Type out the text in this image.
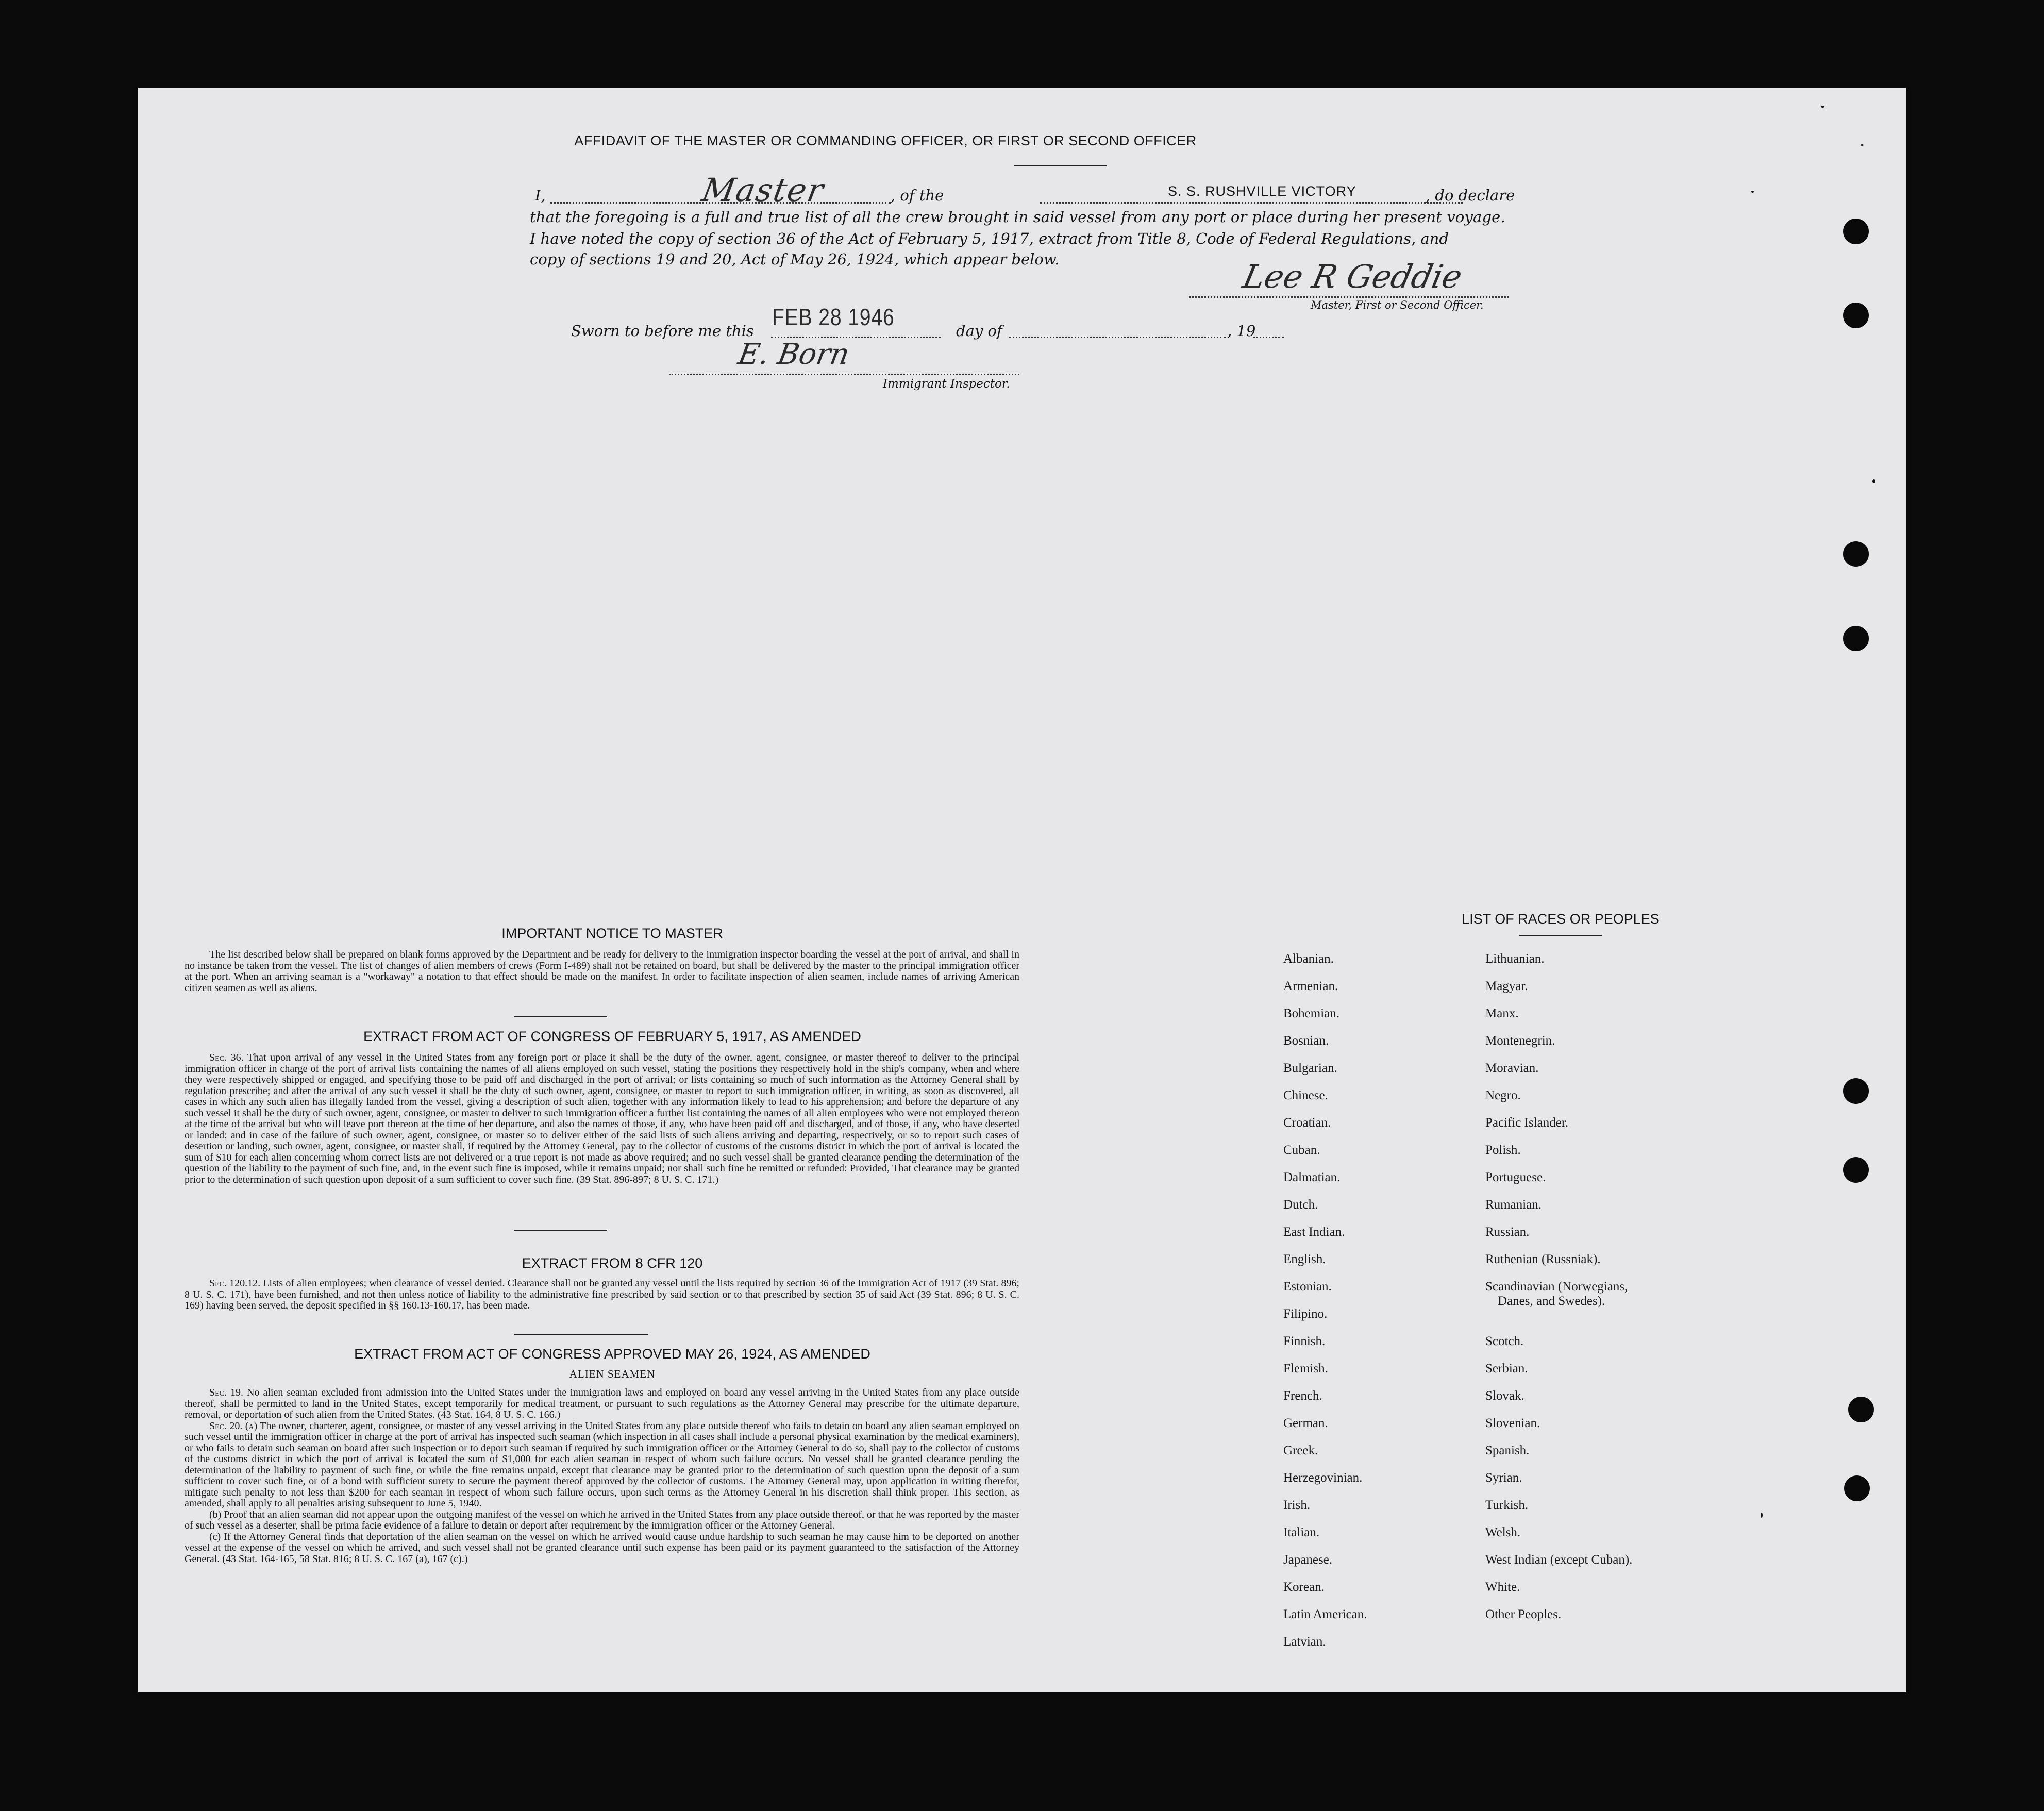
AFFIDAVIT OF THE MASTER OR COMMANDING OFFICER, OR FIRST OR SECOND OFFICER
I,	Master	, of the	S. S. RUSHVILLE VICTORY	, do declare
that the foregoing is a full and true list of all the crew brought in said vessel from any port or place during her present voyage.
I have noted the copy of section 36 of the Act of February 5, 1917, extract from Title 8, Code of Federal Regulations, and
copy of sections 19 and 20, Act of May 26, 1924, which appear below.	Lee R Geddie
Master, First or Second Officer.
Sworn to before me this
FEB 28 1946
day of	, 19
E. Born
Immigrant Inspector.
IMPORTANT NOTICE TO MASTER

The list described below shall be prepared on blank forms approved by the Department and be ready for delivery to the immigration inspector boarding the vessel at the port of arrival, and shall in no instance be taken from the vessel. The list of changes of alien members of crews (Form I-489) shall not be retained on board, but shall be delivered by the master to the principal immigration officer at the port. When an arriving seaman is a "workaway" a notation to that effect should be made on the manifest. In order to facilitate inspection of alien seamen, include names of arriving American citizen seamen as well as aliens.

EXTRACT FROM ACT OF CONGRESS OF FEBRUARY 5, 1917, AS AMENDED

Sec. 36. That upon arrival of any vessel in the United States from any foreign port or place it shall be the duty of the owner, agent, consignee, or master thereof to deliver to the principal immigration officer in charge of the port of arrival lists containing the names of all aliens employed on such vessel, stating the positions they respectively hold in the ship's company, when and where they were respectively shipped or engaged, and specifying those to be paid off and discharged in the port of arrival; or lists containing so much of such information as the Attorney General shall by regulation prescribe; and after the arrival of any such vessel it shall be the duty of such owner, agent, consignee, or master to report to such immigration officer, in writing, as soon as discovered, all cases in which any such alien has illegally landed from the vessel, giving a description of such alien, together with any information likely to lead to his apprehension; and before the departure of any such vessel it shall be the duty of such owner, agent, consignee, or master to deliver to such immigration officer a further list containing the names of all alien employees who were not employed thereon at the time of the arrival but who will leave port thereon at the time of her departure, and also the names of those, if any, who have been paid off and discharged, and of those, if any, who have deserted or landed; and in case of the failure of such owner, agent, consignee, or master so to deliver either of the said lists of such aliens arriving and departing, respectively, or so to report such cases of desertion or landing, such owner, agent, consignee, or master shall, if required by the Attorney General, pay to the collector of customs of the customs district in which the port of arrival is located the sum of $10 for each alien concerning whom correct lists are not delivered or a true report is not made as above required; and no such vessel shall be granted clearance pending the determination of the question of the liability to the payment of such fine, and, in the event such fine is imposed, while it remains unpaid; nor shall such fine be remitted or refunded: Provided, That clearance may be granted prior to the determination of such question upon deposit of a sum sufficient to cover such fine. (39 Stat. 896-897; 8 U. S. C. 171.)

EXTRACT FROM 8 CFR 120

Sec. 120.12. Lists of alien employees; when clearance of vessel denied. Clearance shall not be granted any vessel until the lists required by section 36 of the Immigration Act of 1917 (39 Stat. 896; 8 U. S. C. 171), have been furnished, and not then unless notice of liability to the administrative fine prescribed by said section or to that prescribed by section 35 of said Act (39 Stat. 896; 8 U. S. C. 169) having been served, the deposit specified in §§ 160.13-160.17, has been made.

EXTRACT FROM ACT OF CONGRESS APPROVED MAY 26, 1924, AS AMENDED
ALIEN SEAMEN

Sec. 19. No alien seaman excluded from admission into the United States under the immigration laws and employed on board any vessel arriving in the United States from any place outside thereof, shall be permitted to land in the United States, except temporarily for medical treatment, or pursuant to such regulations as the Attorney General may prescribe for the ultimate departure, removal, or deportation of such alien from the United States. (43 Stat. 164, 8 U. S. C. 166.)

Sec. 20. (a) The owner, charterer, agent, consignee, or master of any vessel arriving in the United States from any place outside thereof who fails to detain on board any alien seaman employed on such vessel until the immigration officer in charge at the port of arrival has inspected such seaman (which inspection in all cases shall include a personal physical examination by the medical examiners), or who fails to detain such seaman on board after such inspection or to deport such seaman if required by such immigration officer or the Attorney General to do so, shall pay to the collector of customs of the customs district in which the port of arrival is located the sum of $1,000 for each alien seaman in respect of whom such failure occurs. No vessel shall be granted clearance pending the determination of the liability to payment of such fine, or while the fine remains unpaid, except that clearance may be granted prior to the determination of such question upon the deposit of a sum sufficient to cover such fine, or of a bond with sufficient surety to secure the payment thereof approved by the collector of customs. The Attorney General may, upon application in writing therefor, mitigate such penalty to not less than $200 for each seaman in respect of whom such failure occurs, upon such terms as the Attorney General in his discretion shall think proper. This section, as amended, shall apply to all penalties arising subsequent to June 5, 1940.

(b) Proof that an alien seaman did not appear upon the outgoing manifest of the vessel on which he arrived in the United States from any place outside thereof, or that he was reported by the master of such vessel as a deserter, shall be prima facie evidence of a failure to detain or deport after requirement by the immigration officer or the Attorney General.

(c) If the Attorney General finds that deportation of the alien seaman on the vessel on which he arrived would cause undue hardship to such seaman he may cause him to be deported on another vessel at the expense of the vessel on which he arrived, and such vessel shall not be granted clearance until such expense has been paid or its payment guaranteed to the satisfaction of the Attorney General. (43 Stat. 164-165, 58 Stat. 816; 8 U. S. C. 167 (a), 167 (c).)

LIST OF RACES OR PEOPLES
Albanian.
Armenian.
Bohemian.
Bosnian.
Bulgarian.
Chinese.
Croatian.
Cuban.
Dalmatian.
Dutch.
East Indian.
English.
Estonian.
Filipino.
Finnish.
Flemish.
French.
German.
Greek.
Herzegovinian.
Irish.
Italian.
Japanese.
Korean.
Latin American.
Latvian.
Lithuanian.
Magyar.
Manx.
Montenegrin.
Moravian.
Negro.
Pacific Islander.
Polish.
Portuguese.
Rumanian.
Russian.
Ruthenian (Russniak).
Scandinavian (Norwegians,
Danes, and Swedes).
Scotch.
Serbian.
Slovak.
Slovenian.
Spanish.
Syrian.
Turkish.
Welsh.
West Indian (except Cuban).
White.
Other Peoples.
